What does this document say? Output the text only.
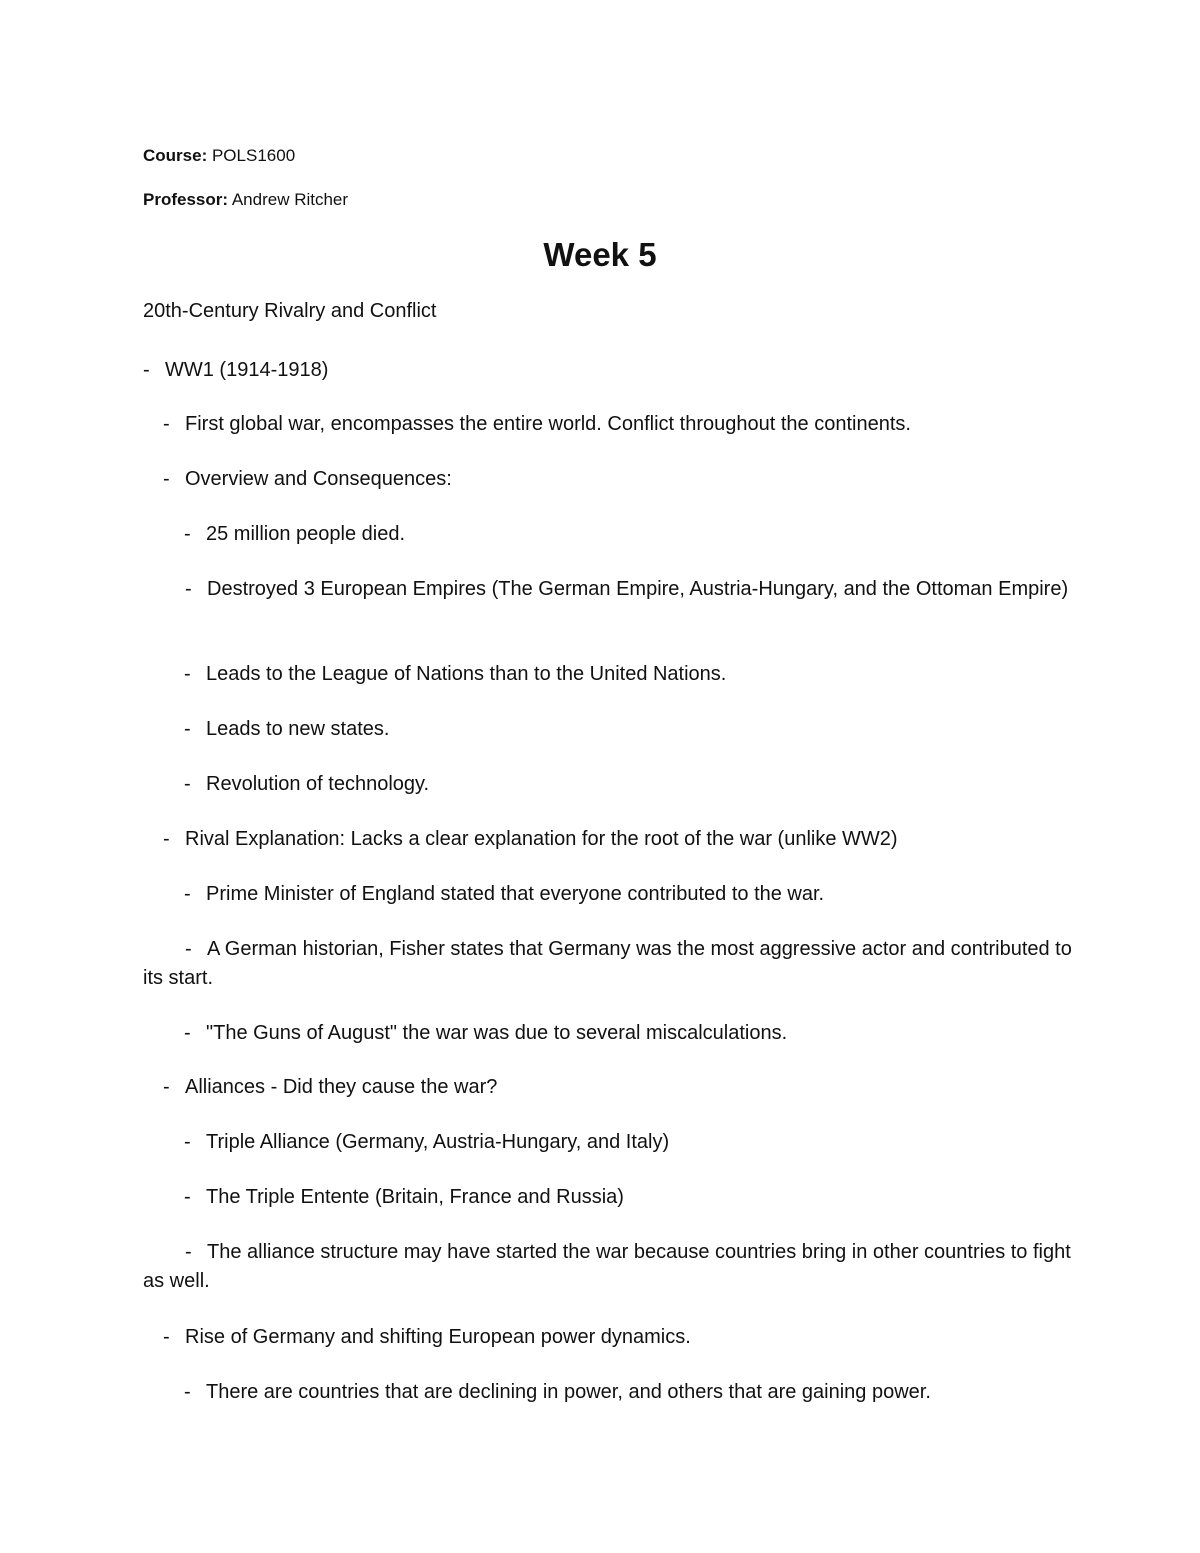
Course: POLS1600
Professor: Andrew Ritcher
Week 5
20th-Century Rivalry and Conflict
- WW1 (1914-1918)
- First global war, encompasses the entire world. Conflict throughout the continents.
- Overview and Consequences:
- 25 million people died.
- Destroyed 3 European Empires (The German Empire, Austria-Hungary, and the Ottoman Empire)
- Leads to the League of Nations than to the United Nations.
- Leads to new states.
- Revolution of technology.
- Rival Explanation: Lacks a clear explanation for the root of the war (unlike WW2)
- Prime Minister of England stated that everyone contributed to the war.
- A German historian, Fisher states that Germany was the most aggressive actor and contributed to its start.
- "The Guns of August" the war was due to several miscalculations.
- Alliances - Did they cause the war?
- Triple Alliance (Germany, Austria-Hungary, and Italy)
- The Triple Entente (Britain, France and Russia)
- The alliance structure may have started the war because countries bring in other countries to fight as well.
- Rise of Germany and shifting European power dynamics.
- There are countries that are declining in power, and others that are gaining power.
